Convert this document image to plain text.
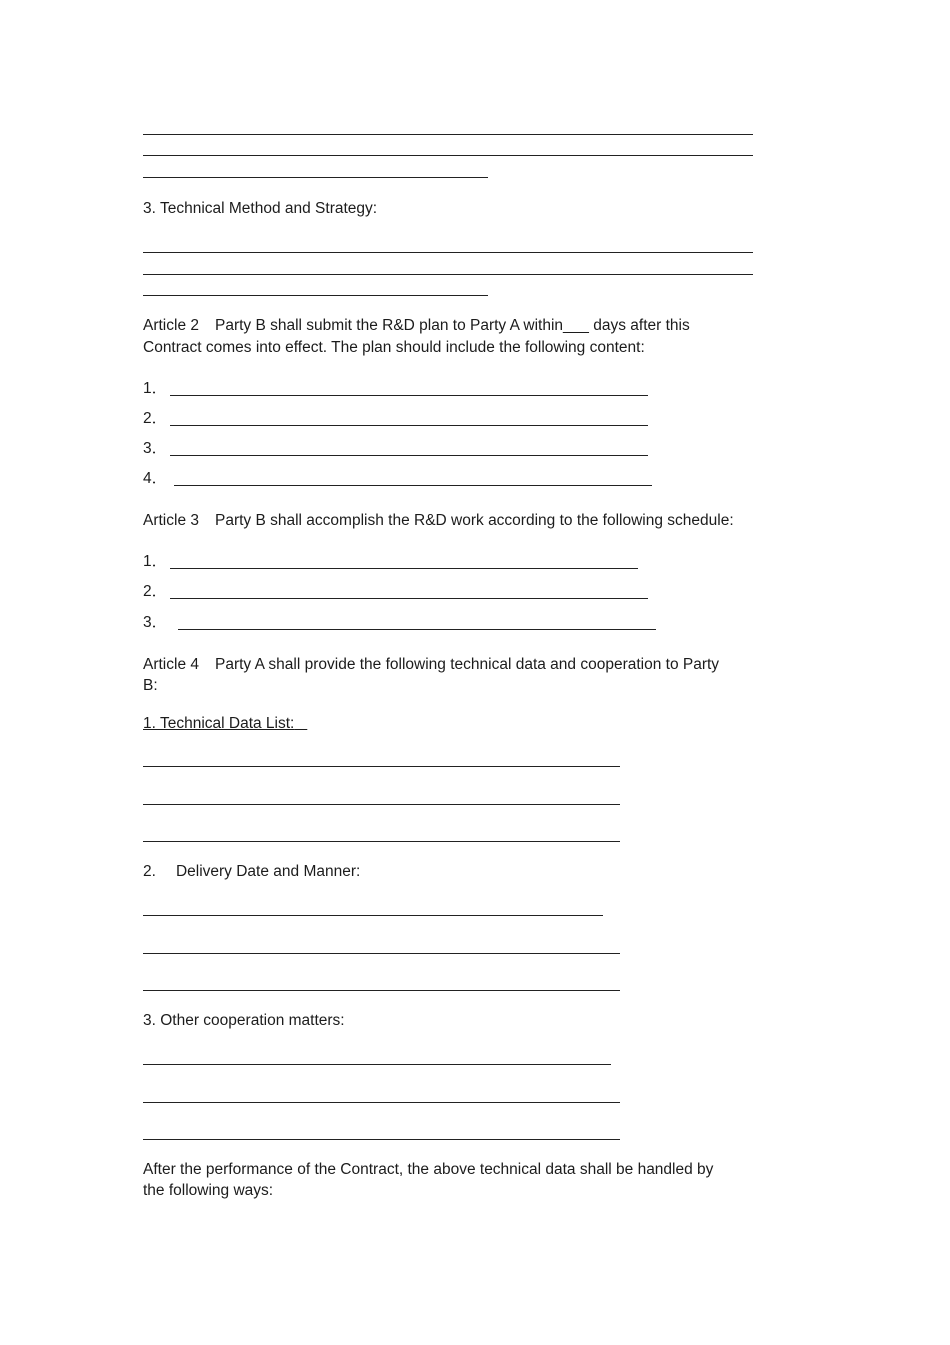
3. Technical Method and Strategy:
Article 2 Party B shall submit the R&D plan to Party A within___ days after this
Contract comes into effect. The plan should include the following content:
1．
2．
3．
4．
Article 3 Party B shall accomplish the R&D work according to the following schedule:
1．
2．
3．
Article 4 Party A shall provide the following technical data and cooperation to Party
B:
1. Technical Data List:
2. Delivery Date and Manner:
3. Other cooperation matters:
After the performance of the Contract, the above technical data shall be handled by
the following ways:
